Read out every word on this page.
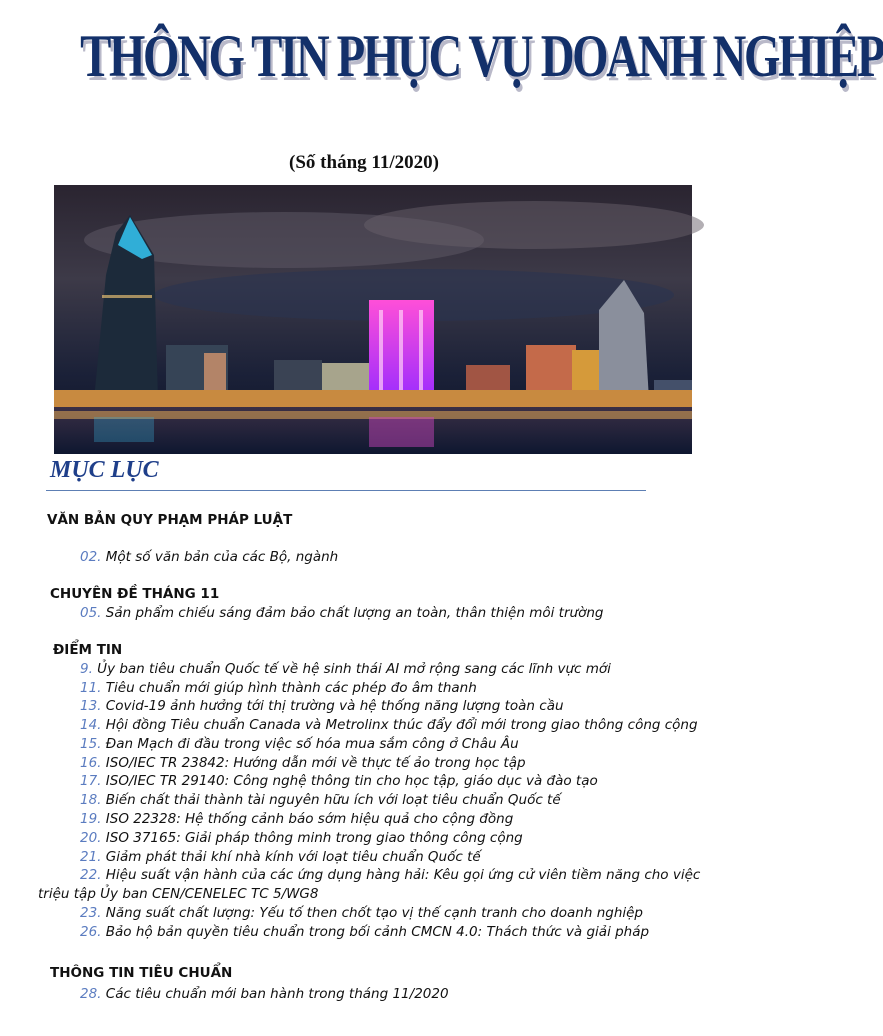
THÔNG TIN PHỤC VỤ DOANH NGHIỆP
(Số tháng 11/2020)
MỤC LỤC
VĂN BẢN QUY PHẠM PHÁP LUẬT
02. Một số văn bản của các Bộ, ngành
CHUYÊN ĐỀ THÁNG 11
05. Sản phẩm chiếu sáng đảm bảo chất lượng an toàn, thân thiện môi trường
ĐIỂM TIN
9. Ủy ban tiêu chuẩn Quốc tế về hệ sinh thái AI mở rộng sang các lĩnh vực mới
11. Tiêu chuẩn mới giúp hình thành các phép đo âm thanh
13. Covid-19 ảnh hưởng tới thị trường và hệ thống năng lượng toàn cầu
14. Hội đồng Tiêu chuẩn Canada và Metrolinx thúc đẩy đổi mới trong giao thông công cộng
15. Đan Mạch đi đầu trong việc số hóa mua sắm công ở Châu Âu
16. ISO/IEC TR 23842: Hướng dẫn mới về thực tế ảo trong học tập
17. ISO/IEC TR 29140: Công nghệ thông tin cho học tập, giáo dục và đào tạo
18. Biến chất thải thành tài nguyên hữu ích với loạt tiêu chuẩn Quốc tế
19. ISO 22328: Hệ thống cảnh báo sớm hiệu quả cho cộng đồng
20. ISO 37165: Giải pháp thông minh trong giao thông công cộng
21. Giảm phát thải khí nhà kính với loạt tiêu chuẩn Quốc tế
22. Hiệu suất vận hành của các ứng dụng hàng hải: Kêu gọi ứng cử viên tiềm năng cho việc
triệu tập Ủy ban CEN/CENELEC TC 5/WG8
23. Năng suất chất lượng: Yếu tố then chốt tạo vị thế cạnh tranh cho doanh nghiệp
26. Bảo hộ bản quyền tiêu chuẩn trong bối cảnh CMCN 4.0: Thách thức và giải pháp
THÔNG TIN TIÊU CHUẨN
28. Các tiêu chuẩn mới ban hành trong tháng 11/2020
